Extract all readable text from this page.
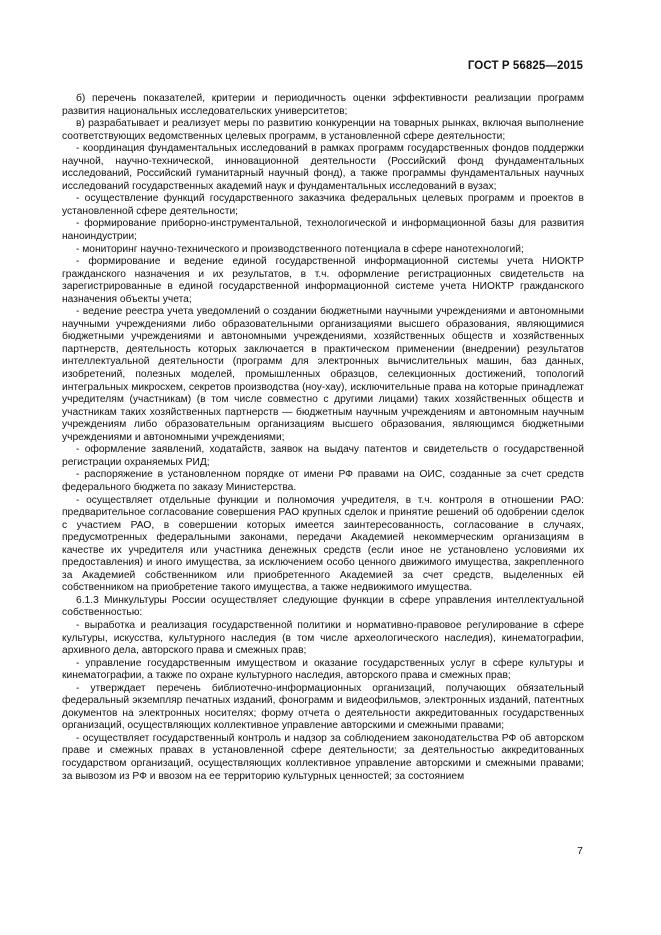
ГОСТ Р 56825—2015

б) перечень показателей, критерии и периодичность оценки эффективности реализации программ развития национальных исследовательских университетов;

в) разрабатывает и реализует меры по развитию конкуренции на товарных рынках, включая выполнение соответствующих ведомственных целевых программ, в установленной сфере деятельности;

- координация фундаментальных исследований в рамках программ государственных фондов поддержки научной, научно-технической, инновационной деятельности (Российский фонд фундаментальных исследований, Российский гуманитарный научный фонд), а также программы фундаментальных научных исследований государственных академий наук и фундаментальных исследований в вузах;

- осуществление функций государственного заказчика федеральных целевых программ и проектов в установленной сфере деятельности;

- формирование приборно-инструментальной, технологической и информационной базы для развития наноиндустрии;

- мониторинг научно-технического и производственного потенциала в сфере нанотехнологий;

- формирование и ведение единой государственной информационной системы учета НИОКТР гражданского назначения и их результатов, в т.ч. оформление регистрационных свидетельств на зарегистрированные в единой государственной информационной системе учета НИОКТР гражданского назначения объекты учета;

- ведение реестра учета уведомлений о создании бюджетными научными учреждениями и автономными научными учреждениями либо образовательными организациями высшего образования, являющимися бюджетными учреждениями и автономными учреждениями, хозяйственных обществ и хозяйственных партнерств, деятельность которых заключается в практическом применении (внедрении) результатов интеллектуальной деятельности (программ для электронных вычислительных машин, баз данных, изобретений, полезных моделей, промышленных образцов, селекционных достижений, топологий интегральных микросхем, секретов производства (ноу-хау), исключительные права на которые принадлежат учредителям (участникам) (в том числе совместно с другими лицами) таких хозяйственных обществ и участникам таких хозяйственных партнерств — бюджетным научным учреждениям и автономным научным учреждениям либо образовательным организациям высшего образования, являющимся бюджетными учреждениями и автономными учреждениями;

- оформление заявлений, ходатайств, заявок на выдачу патентов и свидетельств о государственной регистрации охраняемых РИД;

- распоряжение в установленном порядке от имени РФ правами на ОИС, созданные за счет средств федерального бюджета по заказу Министерства.

- осуществляет отдельные функции и полномочия учредителя, в т.ч. контроля в отношении РАО: предварительное согласование совершения РАО крупных сделок и принятие решений об одобрении сделок с участием РАО, в совершении которых имеется заинтересованность, согласование в случаях, предусмотренных федеральными законами, передачи Академией некоммерческим организациям в качестве их учредителя или участника денежных средств (если иное не установлено условиями их предоставления) и иного имущества, за исключением особо ценного движимого имущества, закрепленного за Академией собственником или приобретенного Академией за счет средств, выделенных ей собственником на приобретение такого имущества, а также недвижимого имущества.

6.1.3 Минкультуры России осуществляет следующие функции в сфере управления интеллектуальной собственностью:

- выработка и реализация государственной политики и нормативно-правовое регулирование в сфере культуры, искусства, культурного наследия (в том числе археологического наследия), кинематографии, архивного дела, авторского права и смежных прав;

- управление государственным имуществом и оказание государственных услуг в сфере культуры и кинематографии, а также по охране культурного наследия, авторского права и смежных прав;

- утверждает перечень библиотечно-информационных организаций, получающих обязательный федеральный экземпляр печатных изданий, фонограмм и видеофильмов, электронных изданий, патентных документов на электронных носителях; форму отчета о деятельности аккредитованных государственных организаций, осуществляющих коллективное управление авторскими и смежными правами;

- осуществляет государственный контроль и надзор за соблюдением законодательства РФ об авторском праве и смежных правах в установленной сфере деятельности; за деятельностью аккредитованных государством организаций, осуществляющих коллективное управление авторскими и смежными правами; за вывозом из РФ и ввозом на ее территорию культурных ценностей; за состоянием

7
